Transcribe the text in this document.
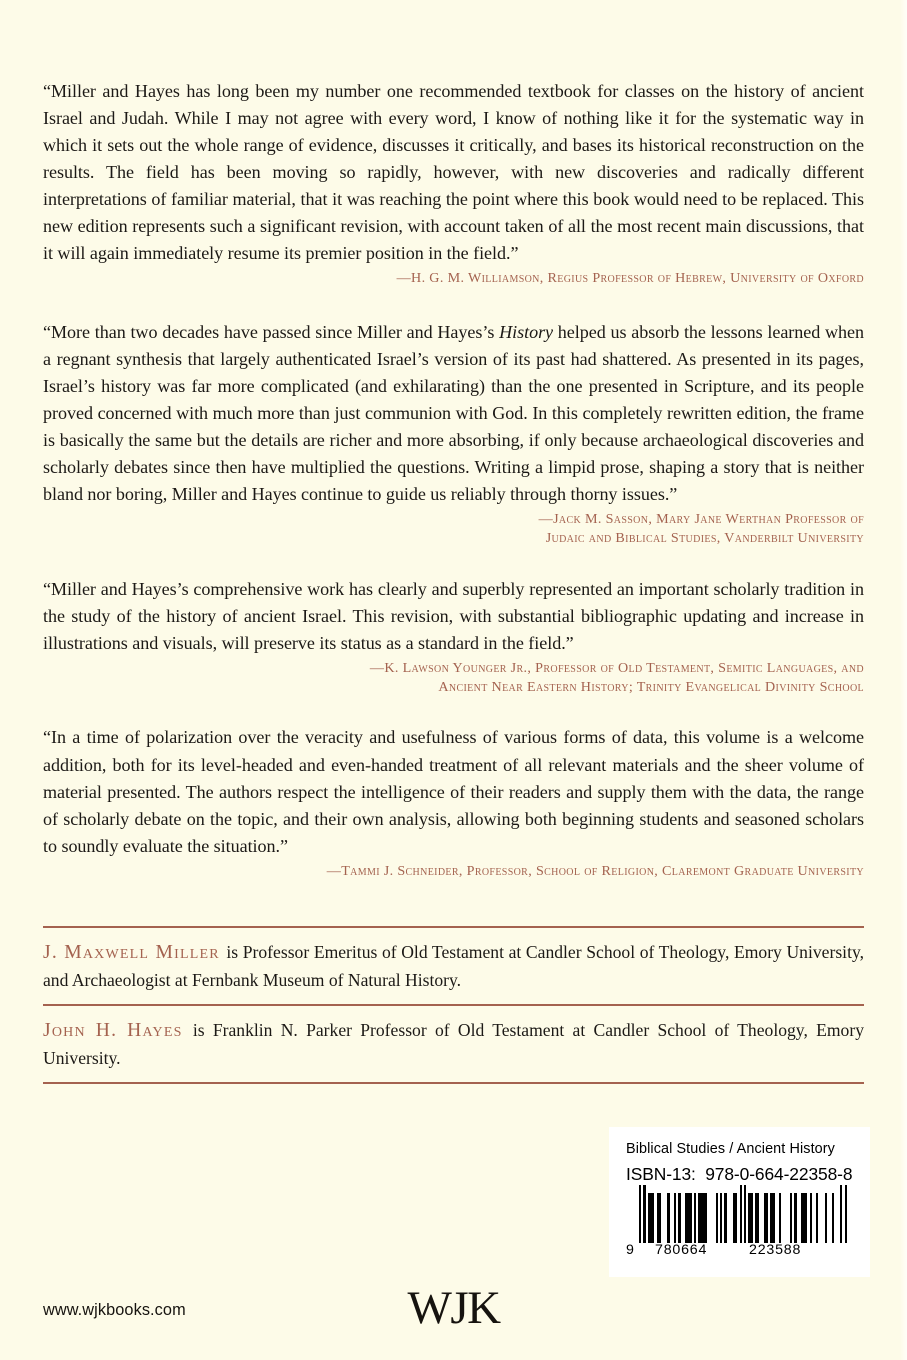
“Miller and Hayes has long been my number one recommended textbook for classes on the history of ancient Israel and Judah. While I may not agree with every word, I know of nothing like it for the systematic way in which it sets out the whole range of evidence, discusses it critically, and bases its historical reconstruction on the results. The field has been moving so rapidly, however, with new discoveries and radically different interpretations of familiar material, that it was reaching the point where this book would need to be replaced. This new edition represents such a significant revision, with account taken of all the most recent main discussions, that it will again immediately resume its premier position in the field.”

—H. G. M. Williamson, Regius Professor of Hebrew, University of Oxford

“More than two decades have passed since Miller and Hayes’s History helped us absorb the lessons learned when a regnant synthesis that largely authenticated Israel’s version of its past had shattered. As presented in its pages, Israel’s history was far more complicated (and exhilarating) than the one presented in Scripture, and its people proved concerned with much more than just communion with God. In this completely rewritten edition, the frame is basically the same but the details are richer and more absorbing, if only because archaeological discoveries and scholarly debates since then have multiplied the questions. Writing a limpid prose, shaping a story that is neither bland nor boring, Miller and Hayes continue to guide us reliably through thorny issues.”

—Jack M. Sasson, Mary Jane Werthan Professor of
Judaic and Biblical Studies, Vanderbilt University

“Miller and Hayes’s comprehensive work has clearly and superbly represented an important scholarly tradition in the study of the history of ancient Israel. This revision, with substantial bibliographic updating and increase in illustrations and visuals, will preserve its status as a standard in the field.”

—K. Lawson Younger Jr., Professor of Old Testament, Semitic Languages, and
Ancient Near Eastern History; Trinity Evangelical Divinity School

“In a time of polarization over the veracity and usefulness of various forms of data, this volume is a welcome addition, both for its level-headed and even-handed treatment of all relevant materials and the sheer volume of material presented. The authors respect the intelligence of their readers and supply them with the data, the range of scholarly debate on the topic, and their own analysis, allowing both beginning students and seasoned scholars to soundly evaluate the situation.”

—Tammi J. Schneider, Professor, School of Religion, Claremont Graduate University

J. Maxwell Miller is Professor Emeritus of Old Testament at Candler School of Theology, Emory University, and Archaeologist at Fernbank Museum of Natural History.

John H. Hayes is Franklin N. Parker Professor of Old Testament at Candler School of Theology, Emory University.

Biblical Studies / Ancient History
ISBN-13:  978-0-664-22358-8
9 780664	223588
WJK
www.wjkbooks.com
